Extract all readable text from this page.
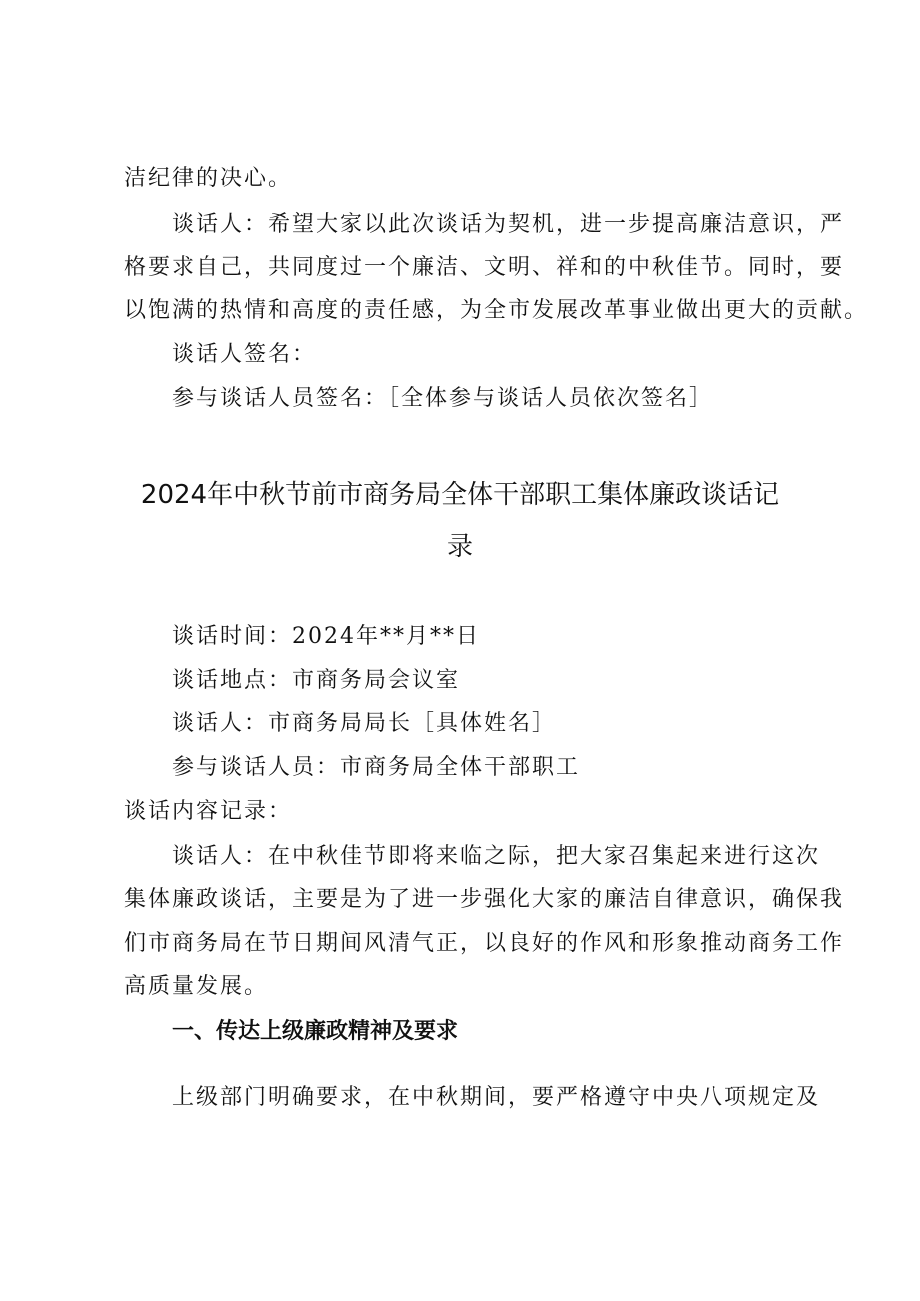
洁纪律的决心。
谈话人：希望大家以此次谈话为契机，进一步提高廉洁意识，严
格要求自己，共同度过一个廉洁、文明、祥和的中秋佳节。同时，要
以饱满的热情和高度的责任感，为全市发展改革事业做出更大的贡献。
谈话人签名：
参与谈话人员签名：［全体参与谈话人员依次签名］
2024年中秋节前市商务局全体干部职工集体廉政谈话记
录
谈话时间：2024年**月**日
谈话地点：市商务局会议室
谈话人：市商务局局长［具体姓名］
参与谈话人员：市商务局全体干部职工
谈话内容记录：
谈话人：在中秋佳节即将来临之际，把大家召集起来进行这次
集体廉政谈话，主要是为了进一步强化大家的廉洁自律意识，确保我
们市商务局在节日期间风清气正，以良好的作风和形象推动商务工作
高质量发展。
一、传达上级廉政精神及要求
上级部门明确要求，在中秋期间，要严格遵守中央八项规定及
